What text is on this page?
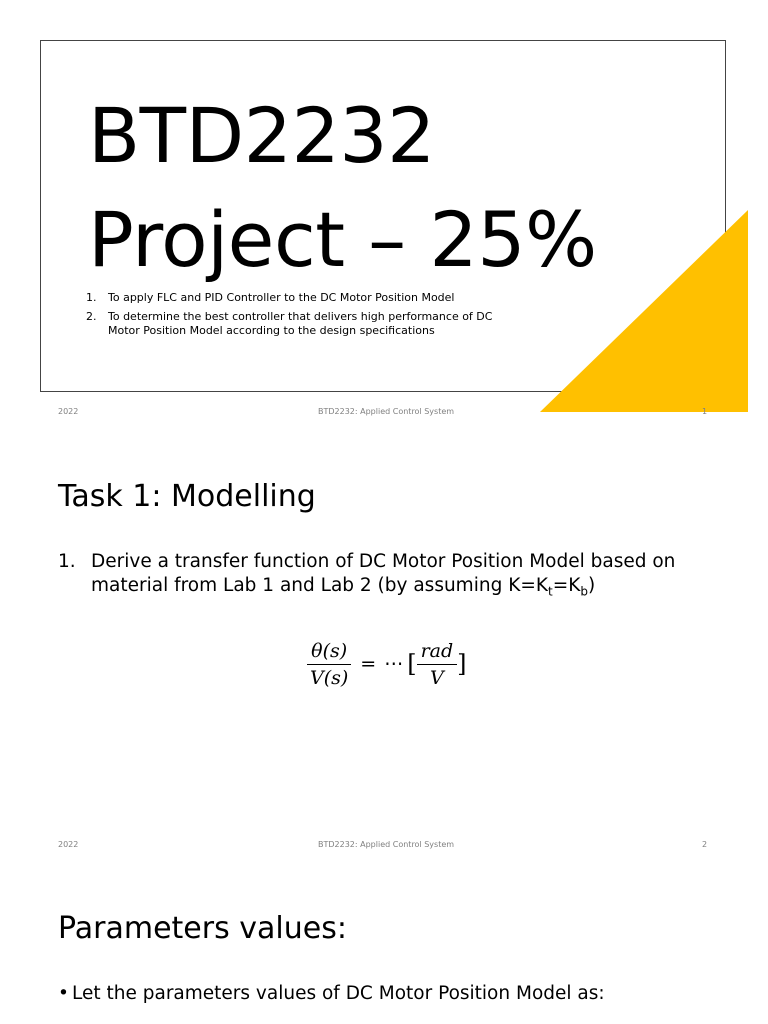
BTD2232
Project – 25%
1. To apply FLC and PID Controller to the DC Motor Position Model
2. To determine the best controller that delivers high performance of DC Motor Position Model according to the design specifications
2022	BTD2232: Applied Control System	1
Task 1: Modelling
1. Derive a transfer function of DC Motor Position Model based on material from Lab 1 and Lab 2 (by assuming $K=K_t=K_b$)
$\frac{\theta(s)}{V(s)}$ = ⋯ [ $\frac{\text{rad}}{V}$ ]
2022	BTD2232: Applied Control System	2
Parameters values:
• Let the parameters values of DC Motor Position Model as:
